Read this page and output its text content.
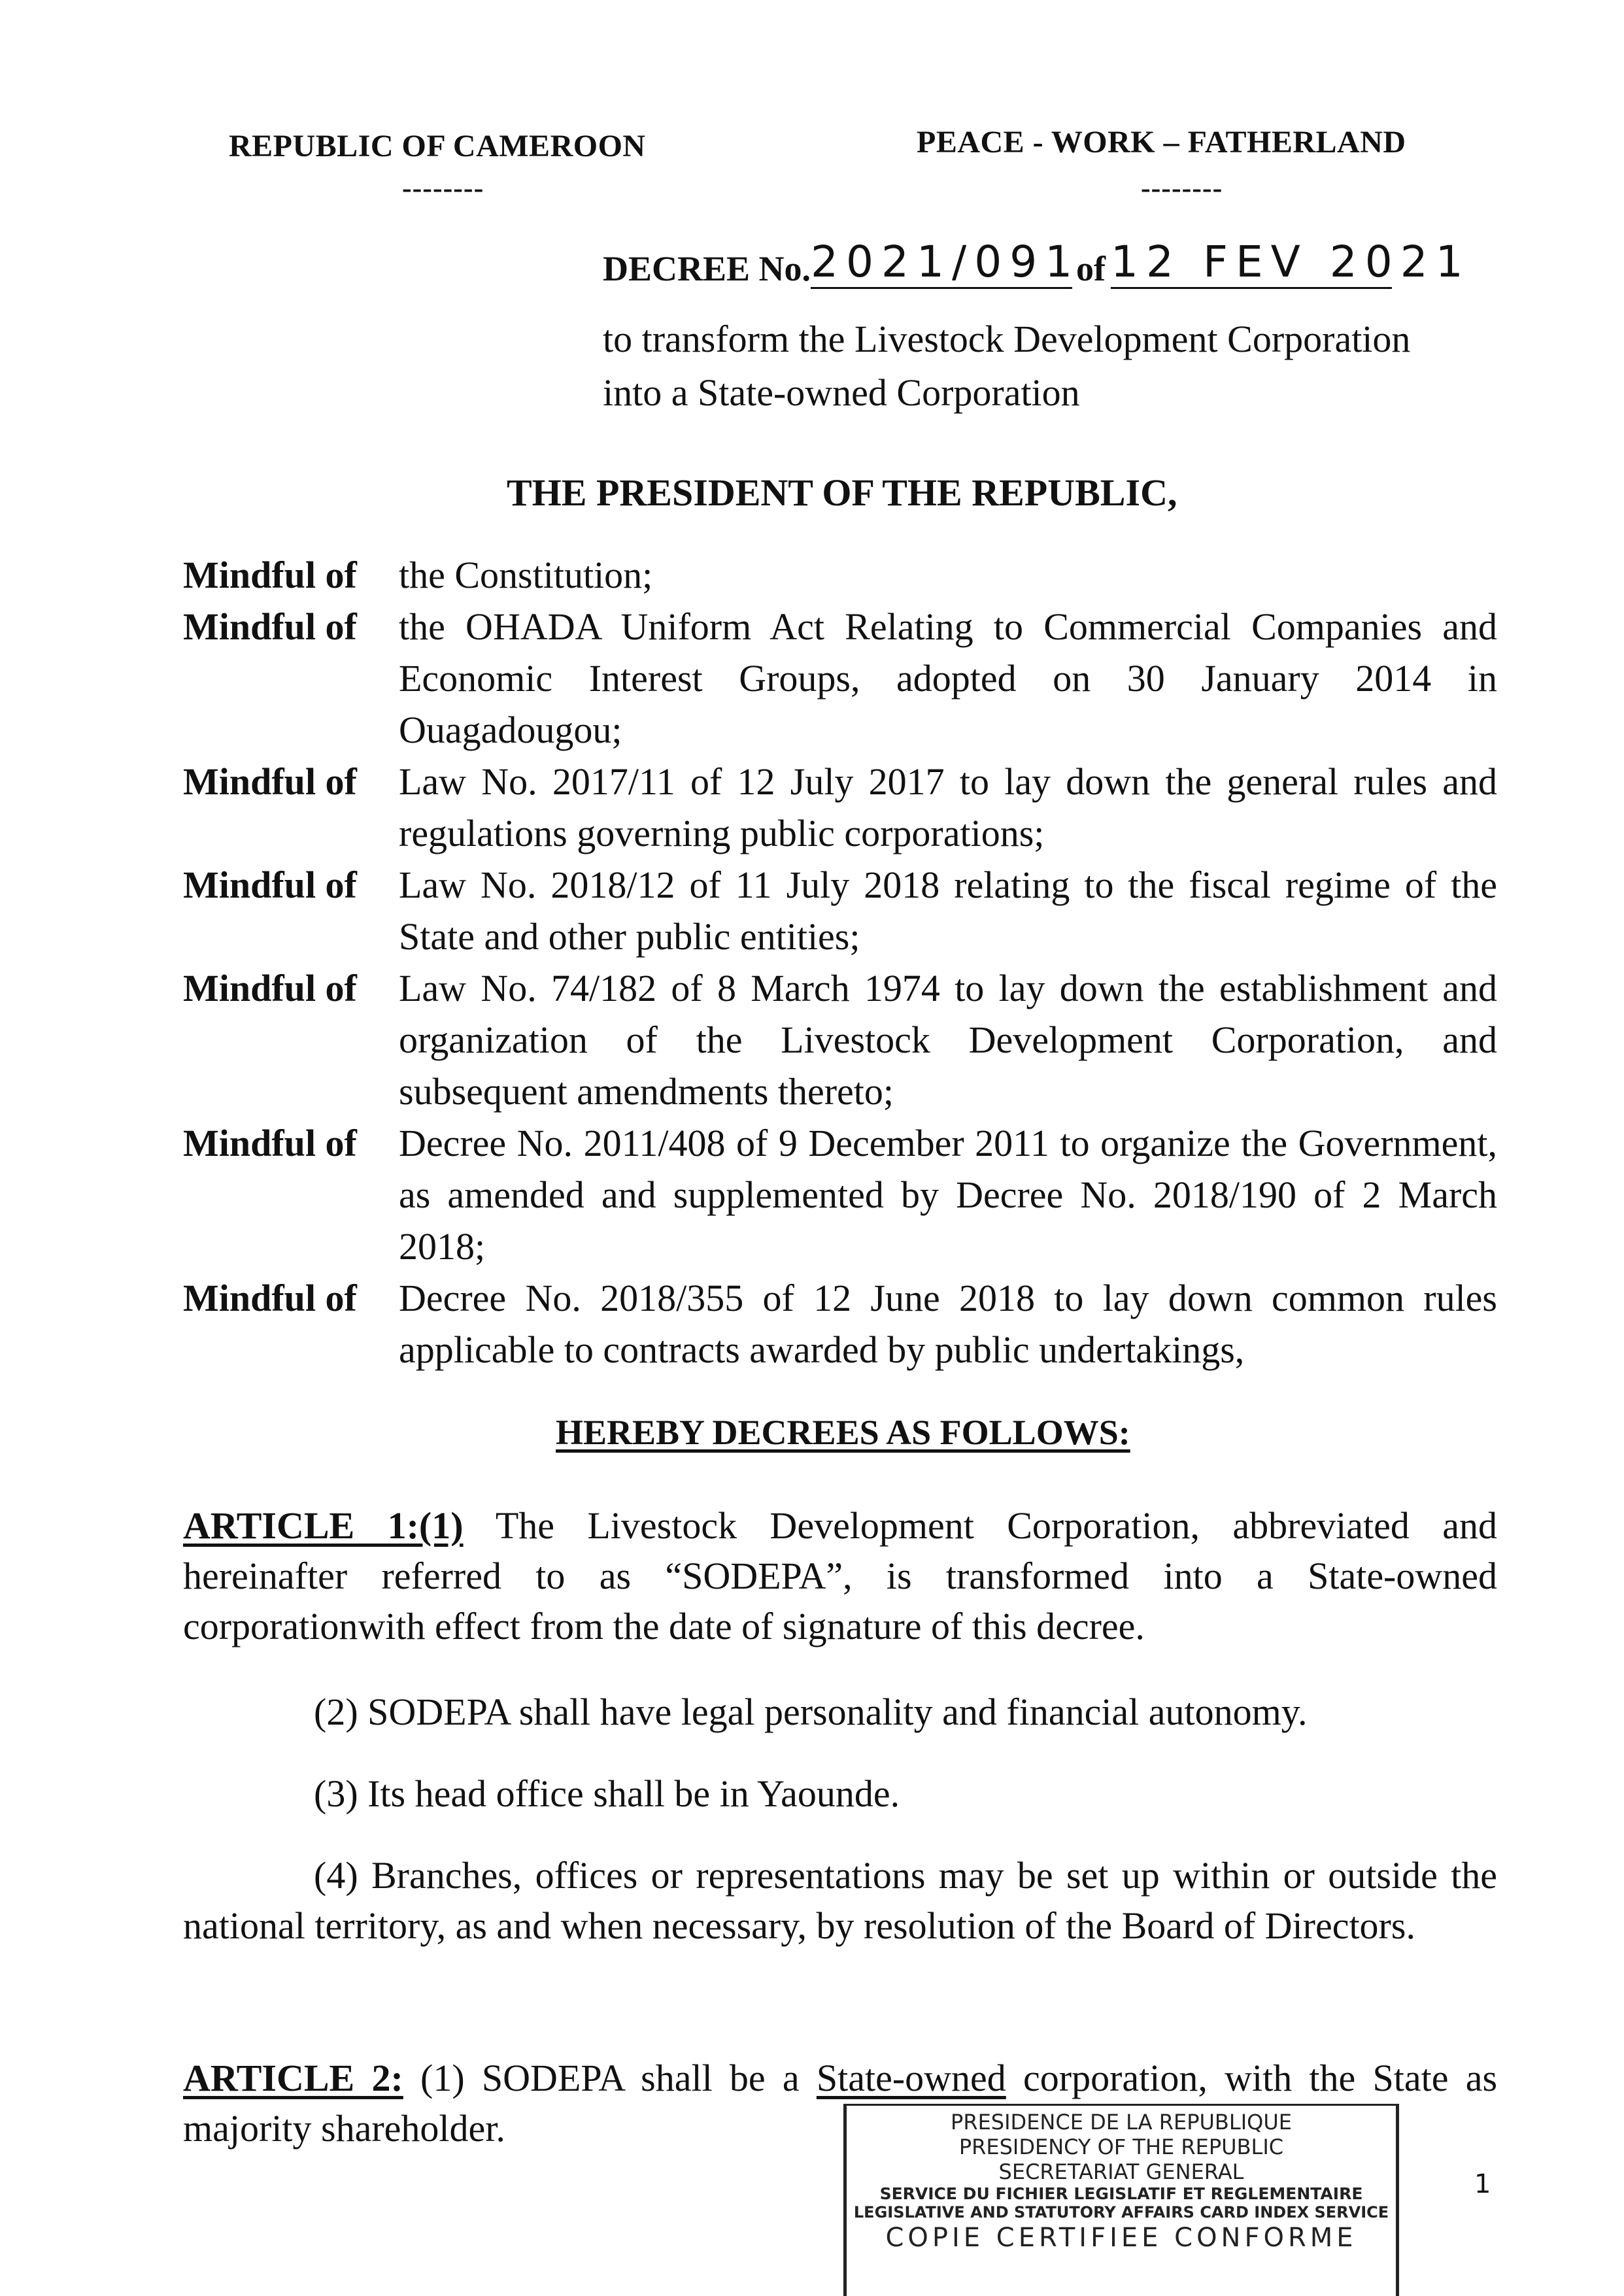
REPUBLIC OF CAMEROON
--------
PEACE - WORK – FATHERLAND
--------
DECREE No. 2021/091
of 12 FEV 2021
to transform the Livestock Development Corporation
into a State-owned Corporation
THE PRESIDENT OF THE REPUBLIC,
Mindful of	the Constitution;
Mindful of	the OHADA Uniform Act Relating to Commercial Companies and Economic Interest Groups, adopted on 30 January 2014 in Ouagadougou;
Mindful of	Law No. 2017/11 of 12 July 2017 to lay down the general rules and regulations governing public corporations;
Mindful of	Law No. 2018/12 of 11 July 2018 relating to the fiscal regime of the State and other public entities;
Mindful of	Law No. 74/182 of 8 March 1974 to lay down the establishment and organization of the Livestock Development Corporation, and subsequent amendments thereto;
Mindful of	Decree No. 2011/408 of 9 December 2011 to organize the Government, as amended and supplemented by Decree No. 2018/190 of 2 March 2018;
Mindful of	Decree No. 2018/355 of 12 June 2018 to lay down common rules applicable to contracts awarded by public undertakings,
HEREBY DECREES AS FOLLOWS:
ARTICLE 1:(1) The Livestock Development Corporation, abbreviated and hereinafter referred to as “SODEPA”, is transformed into a State-owned corporationwith effect from the date of signature of this decree.
(2) SODEPA shall have legal personality and financial autonomy.
(3) Its head office shall be in Yaounde.
(4) Branches, offices or representations may be set up within or outside the national territory, as and when necessary, by resolution of the Board of Directors.
ARTICLE 2: (1) SODEPA shall be a State-owned corporation, with the State as majority shareholder.	PRESIDENCE DE LA REPUBLIQUE
PRESIDENCY OF THE REPUBLIC
SECRETARIAT GENERAL
SERVICE DU FICHIER LEGISLATIF ET REGLEMENTAIRE
LEGISLATIVE AND STATUTORY AFFAIRS CARD INDEX SERVICE
COPIE CERTIFIEE CONFORME
1
